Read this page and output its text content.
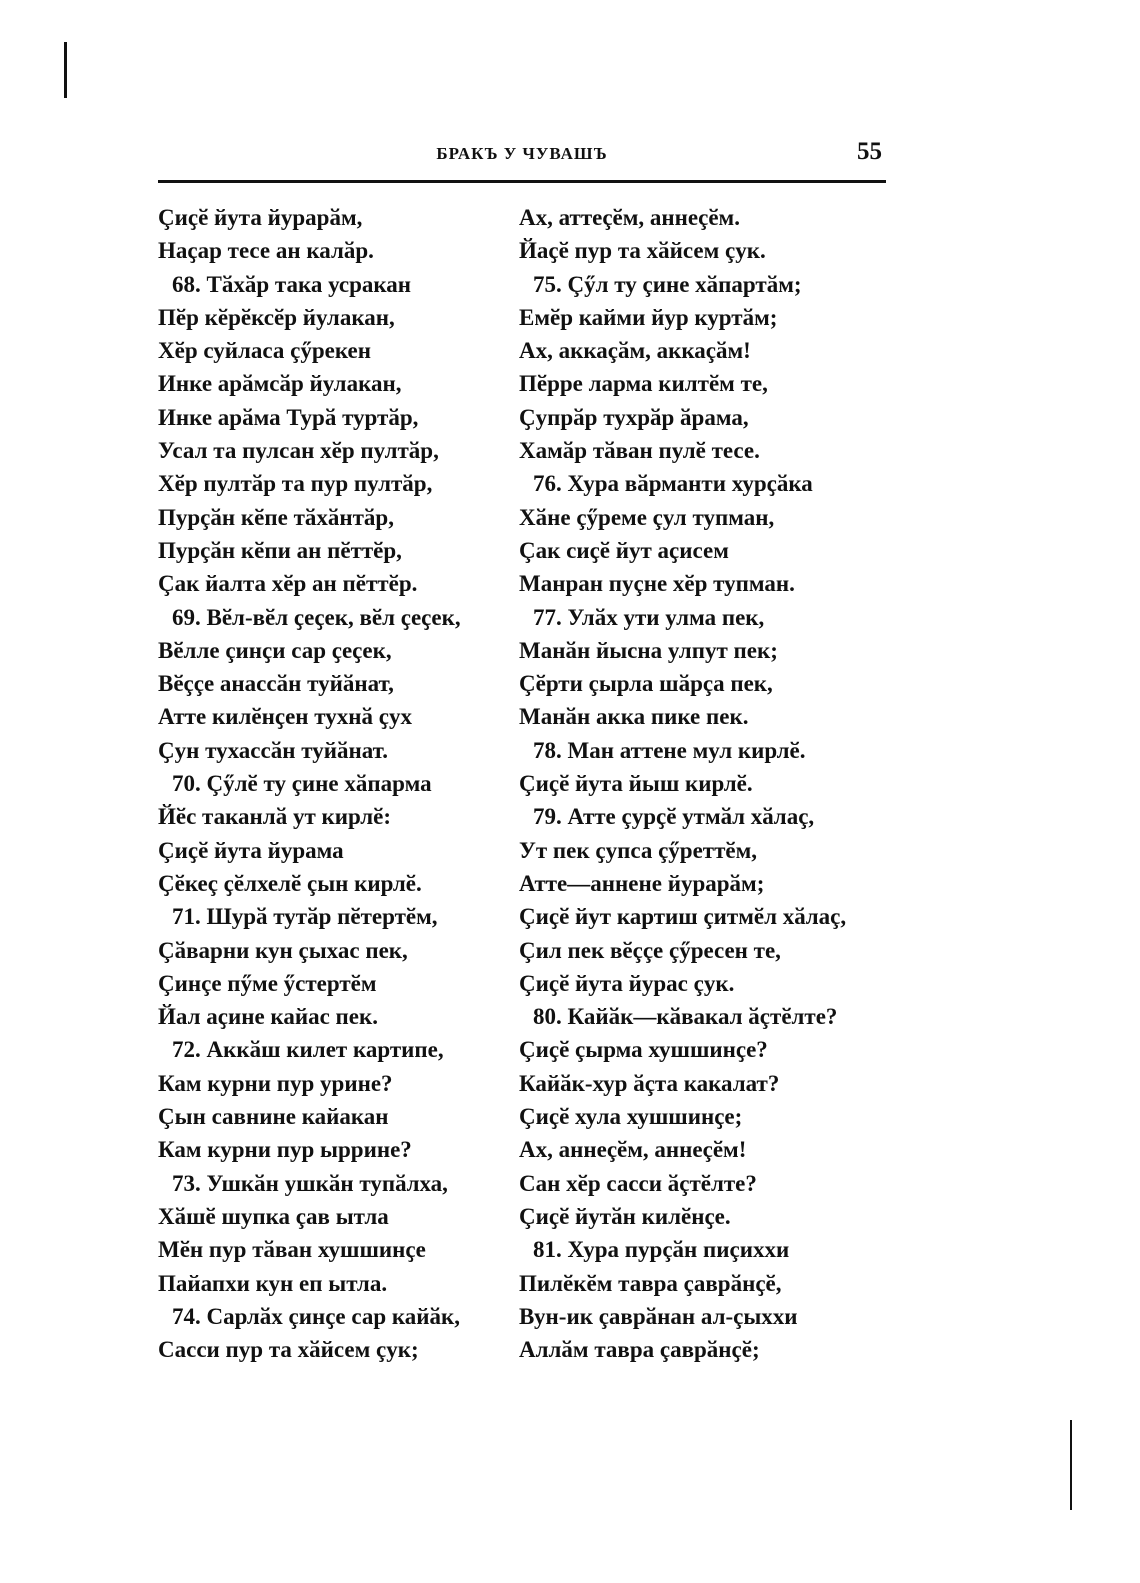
БРАКЪ У ЧУВАШЪ	55
Çиҫӗ йута йурарӑм,
Наҫар тесе ан калӑр.
68. Тӑхӑр така усракан
Пӗр кӗрӗксӗр йулакан,
Хӗр суйласа çӳрекен
Инке арӑмсӑр йулакан,
Инке арӑма Турӑ туртӑр,
Усал та пулсан хӗр пултӑр,
Хӗр пултӑр та пур пултӑр,
Пурçӑн кӗпе тӑхӑнтӑр,
Пурçӑн кӗпи ан пӗттӗр,
Çак йалта хӗр ан пӗттӗр.
69. Вӗл-вӗл ҫеҫек, вӗл ҫеҫек,
Вӗлле çинҫи сар ҫеҫек,
Вӗççе анассӑн туйӑнат,
Атте килӗнҫен тухнӑ ҫух
Ҫун тухассӑн туйӑнат.
70. Çӳлӗ ту çине хӑпарма
Йӗс таканлӑ ут кирлӗ:
Çиҫӗ йута йурама
Ҫӗкеç ҫӗлхелӗ çын кирлӗ.
71. Шурӑ тутӑр пӗтертӗм,
Çӑварни кун çыхас пек,
Çинçе пӳме ӳстертӗм
Йал аҫине кайас пек.
72. Аккӑш килет картипе,
Кам курни пур урине?
Çын савнине кайакан
Кам курни пур ыррине?
73. Ушкӑн ушкӑн тупӑлха,
Хӑшӗ шупка çав ытла
Мӗн пур тӑван хушшинҫе
Пайапхи кун еп ытла.
74. Сарлӑх çинҫе сар кайӑк,
Сасси пур та хӑйсем çук;
Ах, аттеçӗм, аннеçӗм.
Йаҫӗ пур та хӑйсем çук.
75. Çӳл ту çине хӑпартӑм;
Емӗр кайми йур куртӑм;
Ах, аккаçӑм, аккаçӑм!
Пӗрре ларма килтӗм те,
Ҫупрӑр тухрӑр ӑрама,
Хамӑр тӑван пулӗ тесе.
76. Хура вӑрманти хурҫӑка
Хӑне çӳреме çул тупман,
Çак сиҫӗ йут аҫисем
Манран пуçне хӗр тупман.
77. Улӑх ути улма пек,
Манӑн йысна улпут пек;
Çӗрти çырла шӑрça пек,
Манӑн акка пике пек.
78. Ман аттене мул кирлӗ.
Çиҫӗ йута йыш кирлӗ.
79. Атте çурҫӗ утмӑл хӑлаç,
Ут пек ҫупса çӳреттӗм,
Атте—аннене йурарӑм;
Çиҫӗ йут картиш çитмӗл хӑлаç,
Çил пек вӗççе çӳресен те,
Çиҫӗ йута йурас çук.
80. Кайӑк—кӑвакал ӑçтӗлте?
Çиҫӗ çырма хушшинҫе?
Кайӑк-хур ӑçта какалат?
Çиҫӗ хула хушшинҫе;
Ах, аннеçӗм, аннеçӗм!
Сан хӗр сасси ӑçтӗлте?
Çиҫӗ йутӑн килӗнҫе.
81. Хура пурçӑн пиçиххи
Пилӗкӗм тавра çаврӑнҫӗ,
Вун-ик çаврӑнан ал-çыххи
Аллӑм тавра çаврӑнҫӗ;
